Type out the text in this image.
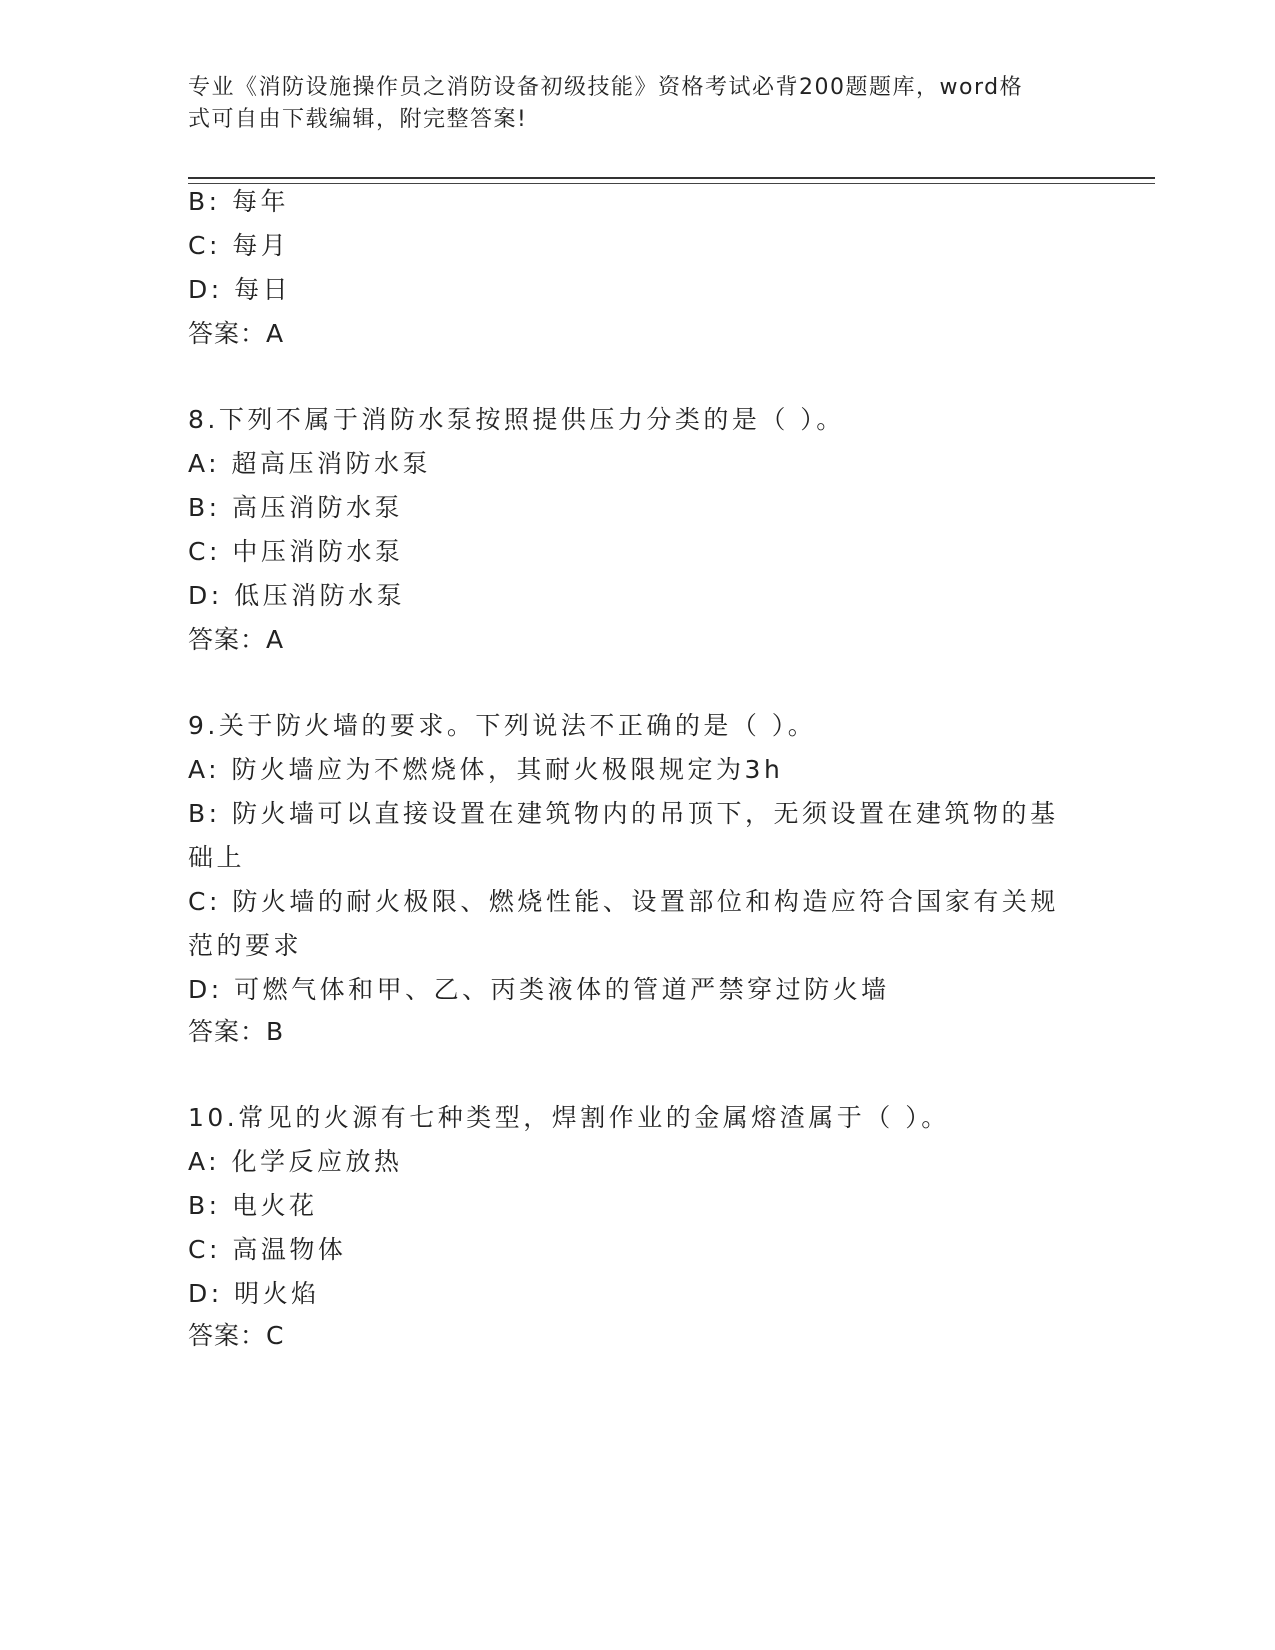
专业《消防设施操作员之消防设备初级技能》资格考试必背200题题库，word格
式可自由下载编辑，附完整答案!
B: 每年
C: 每月
D: 每日
答案：A
8.下列不属于消防水泵按照提供压力分类的是（ ）。
A: 超高压消防水泵
B: 高压消防水泵
C: 中压消防水泵
D: 低压消防水泵
答案：A
9.关于防火墙的要求。下列说法不正确的是（ ）。
A: 防火墙应为不燃烧体，其耐火极限规定为3h
B: 防火墙可以直接设置在建筑物内的吊顶下，无须设置在建筑物的基
础上
C: 防火墙的耐火极限、燃烧性能、设置部位和构造应符合国家有关规
范的要求
D: 可燃气体和甲、乙、丙类液体的管道严禁穿过防火墙
答案：B
10.常见的火源有七种类型，焊割作业的金属熔渣属于（ ）。
A: 化学反应放热
B: 电火花
C: 高温物体
D: 明火焰
答案：C
